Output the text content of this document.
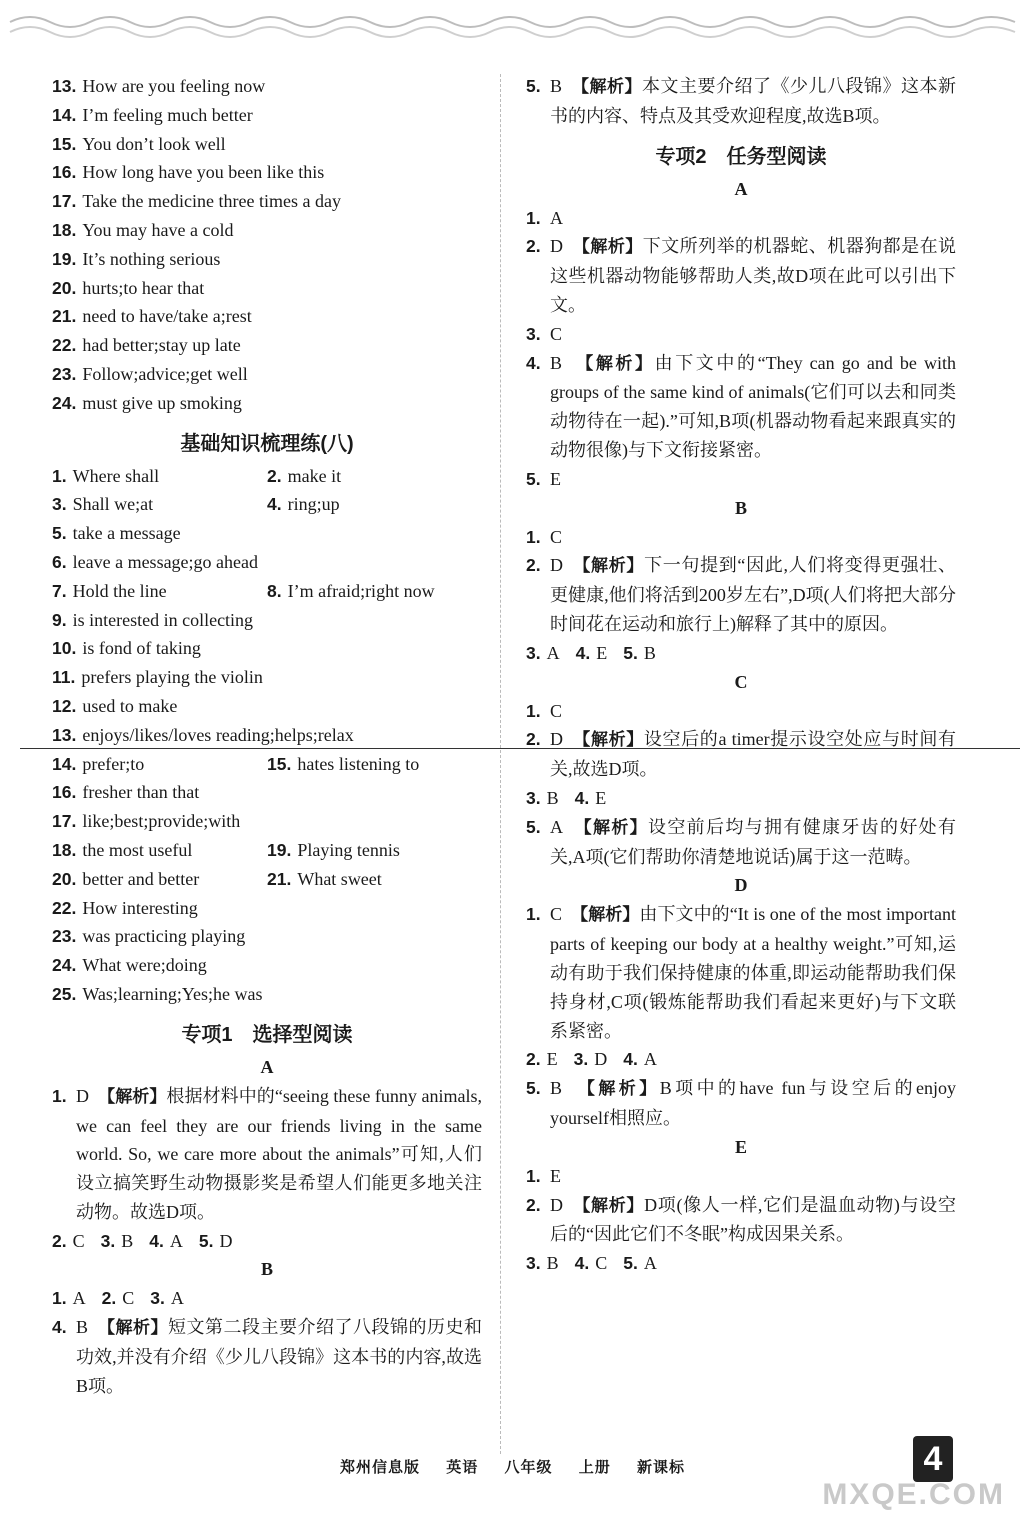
13. How are you feeling now
14. I’m feeling much better
15. You don’t look well
16. How long have you been like this
17. Take the medicine three times a day
18. You may have a cold
19. It’s nothing serious
20. hurts;to hear that
21. need to have/take a;rest
22. had better;stay up late
23. Follow;advice;get well
24. must give up smoking
基础知识梳理练(八)
1. Where shall	2. make it
3. Shall we;at	4. ring;up
5. take a message
6. leave a message;go ahead
7. Hold the line	8. I’m afraid;right now
9. is interested in collecting
10. is fond of taking
11. prefers playing the violin
12. used to make
13. enjoys/likes/loves reading;helps;relax
14. prefer;to	15. hates listening to
16. fresher than that
17. like;best;provide;with
18. the most useful	19. Playing tennis
20. better and better	21. What sweet
22. How interesting
23. was practicing playing
24. What were;doing
25. Was;learning;Yes;he was
专项1　选择型阅读
A
1. D 【解析】根据材料中的“seeing these funny animals, we can feel they are our friends living in the same world. So, we care more about the animals”可知,人们设立搞笑野生动物摄影奖是希望人们能更多地关注动物。故选D项。
2. C 3. B 4. A 5. D
B
1. A 2. C 3. A
4. B 【解析】短文第二段主要介绍了八段锦的历史和功效,并没有介绍《少儿八段锦》这本书的内容,故选B项。
5. B 【解析】本文主要介绍了《少儿八段锦》这本新书的内容、特点及其受欢迎程度,故选B项。
专项2　任务型阅读
A
1. A
2. D 【解析】下文所列举的机器蛇、机器狗都是在说这些机器动物能够帮助人类,故D项在此可以引出下文。
3. C
4. B 【解析】由下文中的“They can go and be with groups of the same kind of animals(它们可以去和同类动物待在一起).”可知,B项(机器动物看起来跟真实的动物很像)与下文衔接紧密。
5. E
B
1. C
2. D 【解析】下一句提到“因此,人们将变得更强壮、更健康,他们将活到200岁左右”,D项(人们将把大部分时间花在运动和旅行上)解释了其中的原因。
3. A 4. E 5. B
C
1. C
2. D 【解析】设空后的a timer提示设空处应与时间有关,故选D项。
3. B 4. E
5. A 【解析】设空前后均与拥有健康牙齿的好处有关,A项(它们帮助你清楚地说话)属于这一范畴。
D
1. C 【解析】由下文中的“It is one of the most important parts of keeping our body at a healthy weight.”可知,运动有助于我们保持健康的体重,即运动能帮助我们保持身材,C项(锻炼能帮助我们看起来更好)与下文联系紧密。
2. E 3. D 4. A
5. B 【解析】B项中的have fun与设空后的enjoy yourself相照应。
E
1. E
2. D 【解析】D项(像人一样,它们是温血动物)与设空后的“因此它们不冬眠”构成因果关系。
3. B 4. C 5. A
郑州信息版 英语 八年级 上册 新课标	4
MXQE.COM
